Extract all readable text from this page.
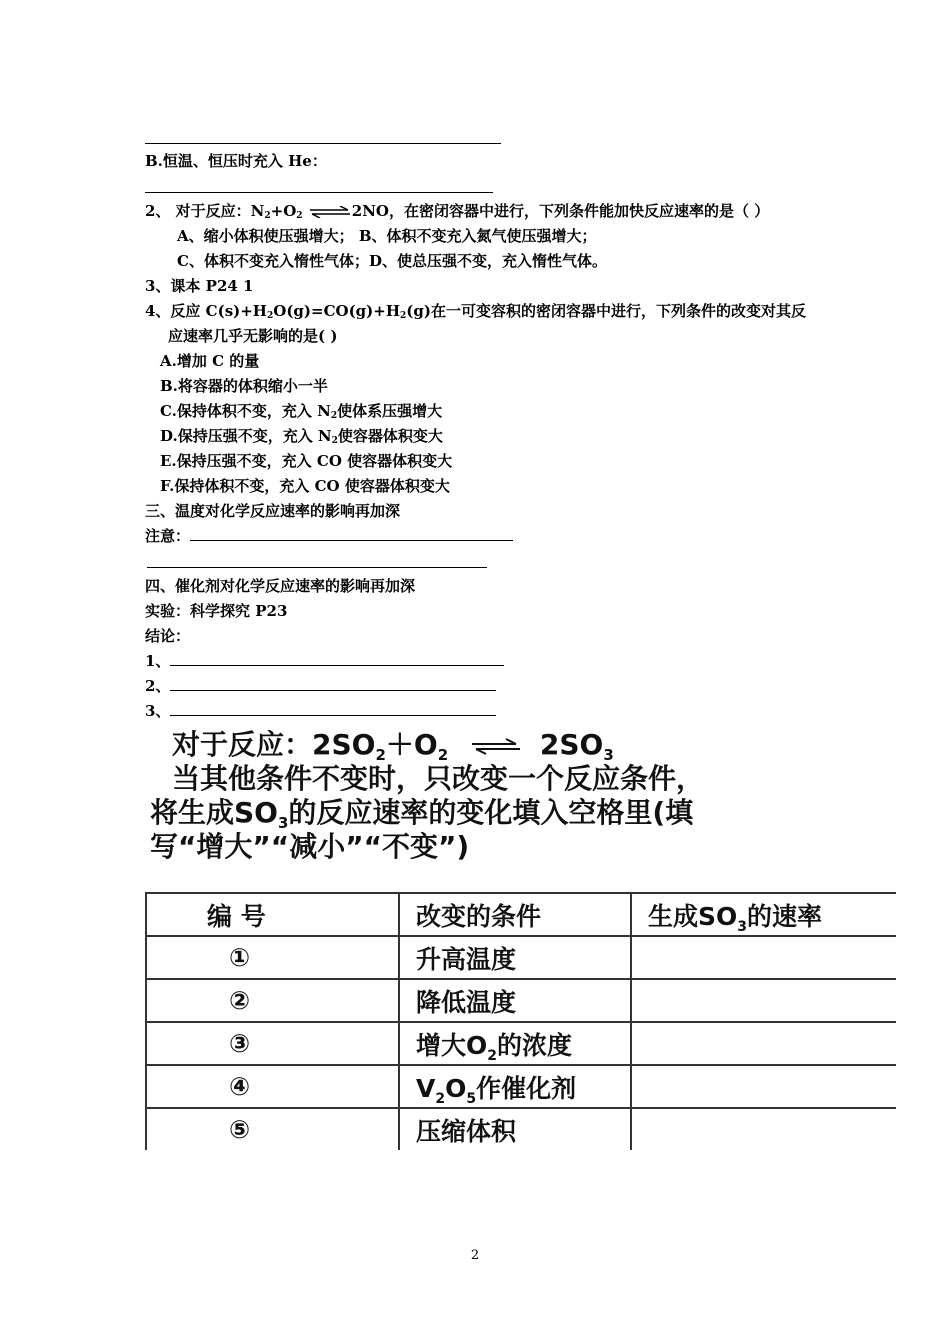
B.恒温、恒压时充入 He：
2、 对于反应：$N_2+O_2$ ⇌2NO，在密闭容器中进行，下列条件能加快反应速率的是（ ）
A、缩小体积使压强增大； B、体积不变充入氮气使压强增大；
C、体积不变充入惰性气体；D、使总压强不变，充入惰性气体。
3、课本 P24 1
4、反应 $C(s)+H_2O(g)=CO(g)+H_2(g)$在一可变容积的密闭容器中进行，下列条件的改变对其反
应速率几乎无影响的是( )
A.增加 C 的量
B.将容器的体积缩小一半
C.保持体积不变，充入 $N_2$使体系压强增大
D.保持压强不变，充入 $N_2$使容器体积变大
E.保持压强不变，充入 CO 使容器体积变大
F.保持体积不变，充入 CO 使容器体积变大
三、温度对化学反应速率的影响再加深
注意：
四、催化剂对化学反应速率的影响再加深
实验：科学探究 P23
结论：
1、
2、
3、
对于反应：$2SO_2+O_2$ ⇌ $2SO_3$
当其他条件不变时，只改变一个反应条件，
将生成$SO_3$的反应速率的变化填入空格里(填
写“增大”“减小”“不变”)
编 号	改变的条件	生成$SO_3$的速率
①	升高温度	
②	降低温度	
③	增大$O_2$的浓度	
④	$V_2O_5$作催化剂	
⑤	压缩体积	
2
